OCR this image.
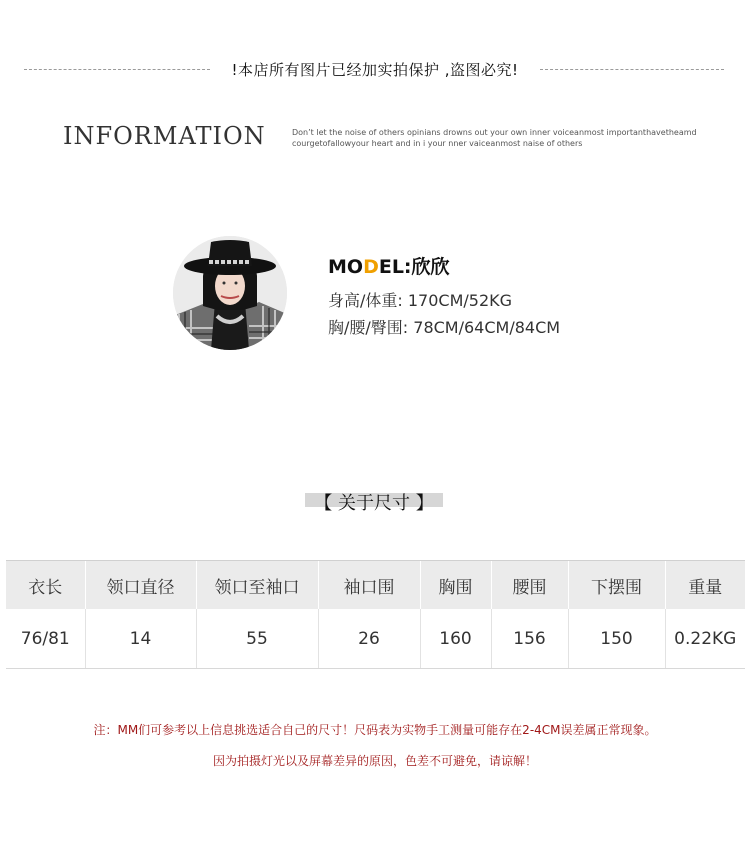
!本店所有图片已经加实拍保护 ,盗图必究!
INFORMATION	Don’t let the noise of others opinians drowns out your own inner voiceanmost importanthavetheamd
courgetofallowyour heart and in i your nner vaiceanmost naise of others
MODEL:欣欣
身高/体重: 170CM/52KG
胸/腰/臀围: 78CM/64CM/84CM
【 关于尺寸 】
衣长	领口直径	领口至袖口	袖口围	胸围	腰围	下摆围	重量
76/81	14	55	26	160	156	150	0.22KG
注：MM们可参考以上信息挑选适合自己的尺寸！尺码表为实物手工测量可能存在2-4CM误差属正常现象。
因为拍摄灯光以及屏幕差异的原因，色差不可避免，请谅解！
